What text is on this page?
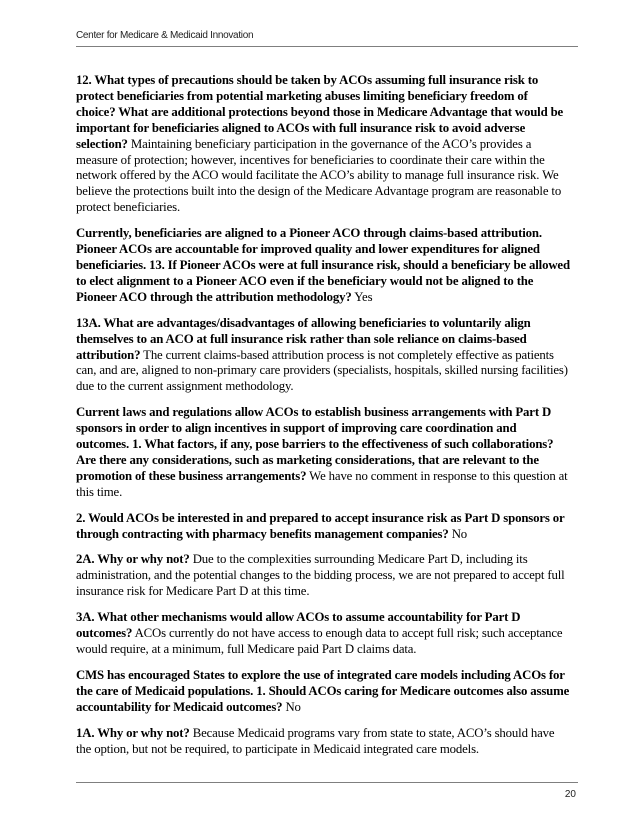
Center for Medicare & Medicaid Innovation

12. What types of precautions should be taken by ACOs assuming full insurance risk to protect beneficiaries from potential marketing abuses limiting beneficiary freedom of choice? What are additional protections beyond those in Medicare Advantage that would be important for beneficiaries aligned to ACOs with full insurance risk to avoid adverse selection? Maintaining beneficiary participation in the governance of the ACO’s provides a measure of protection; however, incentives for beneficiaries to coordinate their care within the network offered by the ACO would facilitate the ACO’s ability to manage full insurance risk. We believe the protections built into the design of the Medicare Advantage program are reasonable to protect beneficiaries.

Currently, beneficiaries are aligned to a Pioneer ACO through claims-based attribution. Pioneer ACOs are accountable for improved quality and lower expenditures for aligned beneficiaries. 13. If Pioneer ACOs were at full insurance risk, should a beneficiary be allowed to elect alignment to a Pioneer ACO even if the beneficiary would not be aligned to the Pioneer ACO through the attribution methodology? Yes

13A. What are advantages/disadvantages of allowing beneficiaries to voluntarily align themselves to an ACO at full insurance risk rather than sole reliance on claims-based attribution? The current claims-based attribution process is not completely effective as patients can, and are, aligned to non-primary care providers (specialists, hospitals, skilled nursing facilities) due to the current assignment methodology.

Current laws and regulations allow ACOs to establish business arrangements with Part D sponsors in order to align incentives in support of improving care coordination and outcomes. 1. What factors, if any, pose barriers to the effectiveness of such collaborations? Are there any considerations, such as marketing considerations, that are relevant to the promotion of these business arrangements? We have no comment in response to this question at this time.

2. Would ACOs be interested in and prepared to accept insurance risk as Part D sponsors or through contracting with pharmacy benefits management companies? No

2A. Why or why not? Due to the complexities surrounding Medicare Part D, including its administration, and the potential changes to the bidding process, we are not prepared to accept full insurance risk for Medicare Part D at this time.

3A. What other mechanisms would allow ACOs to assume accountability for Part D outcomes? ACOs currently do not have access to enough data to accept full risk; such acceptance would require, at a minimum, full Medicare paid Part D claims data.

CMS has encouraged States to explore the use of integrated care models including ACOs for the care of Medicaid populations. 1. Should ACOs caring for Medicare outcomes also assume accountability for Medicaid outcomes? No

1A. Why or why not? Because Medicaid programs vary from state to state, ACO’s should have the option, but not be required, to participate in Medicaid integrated care models.

20
